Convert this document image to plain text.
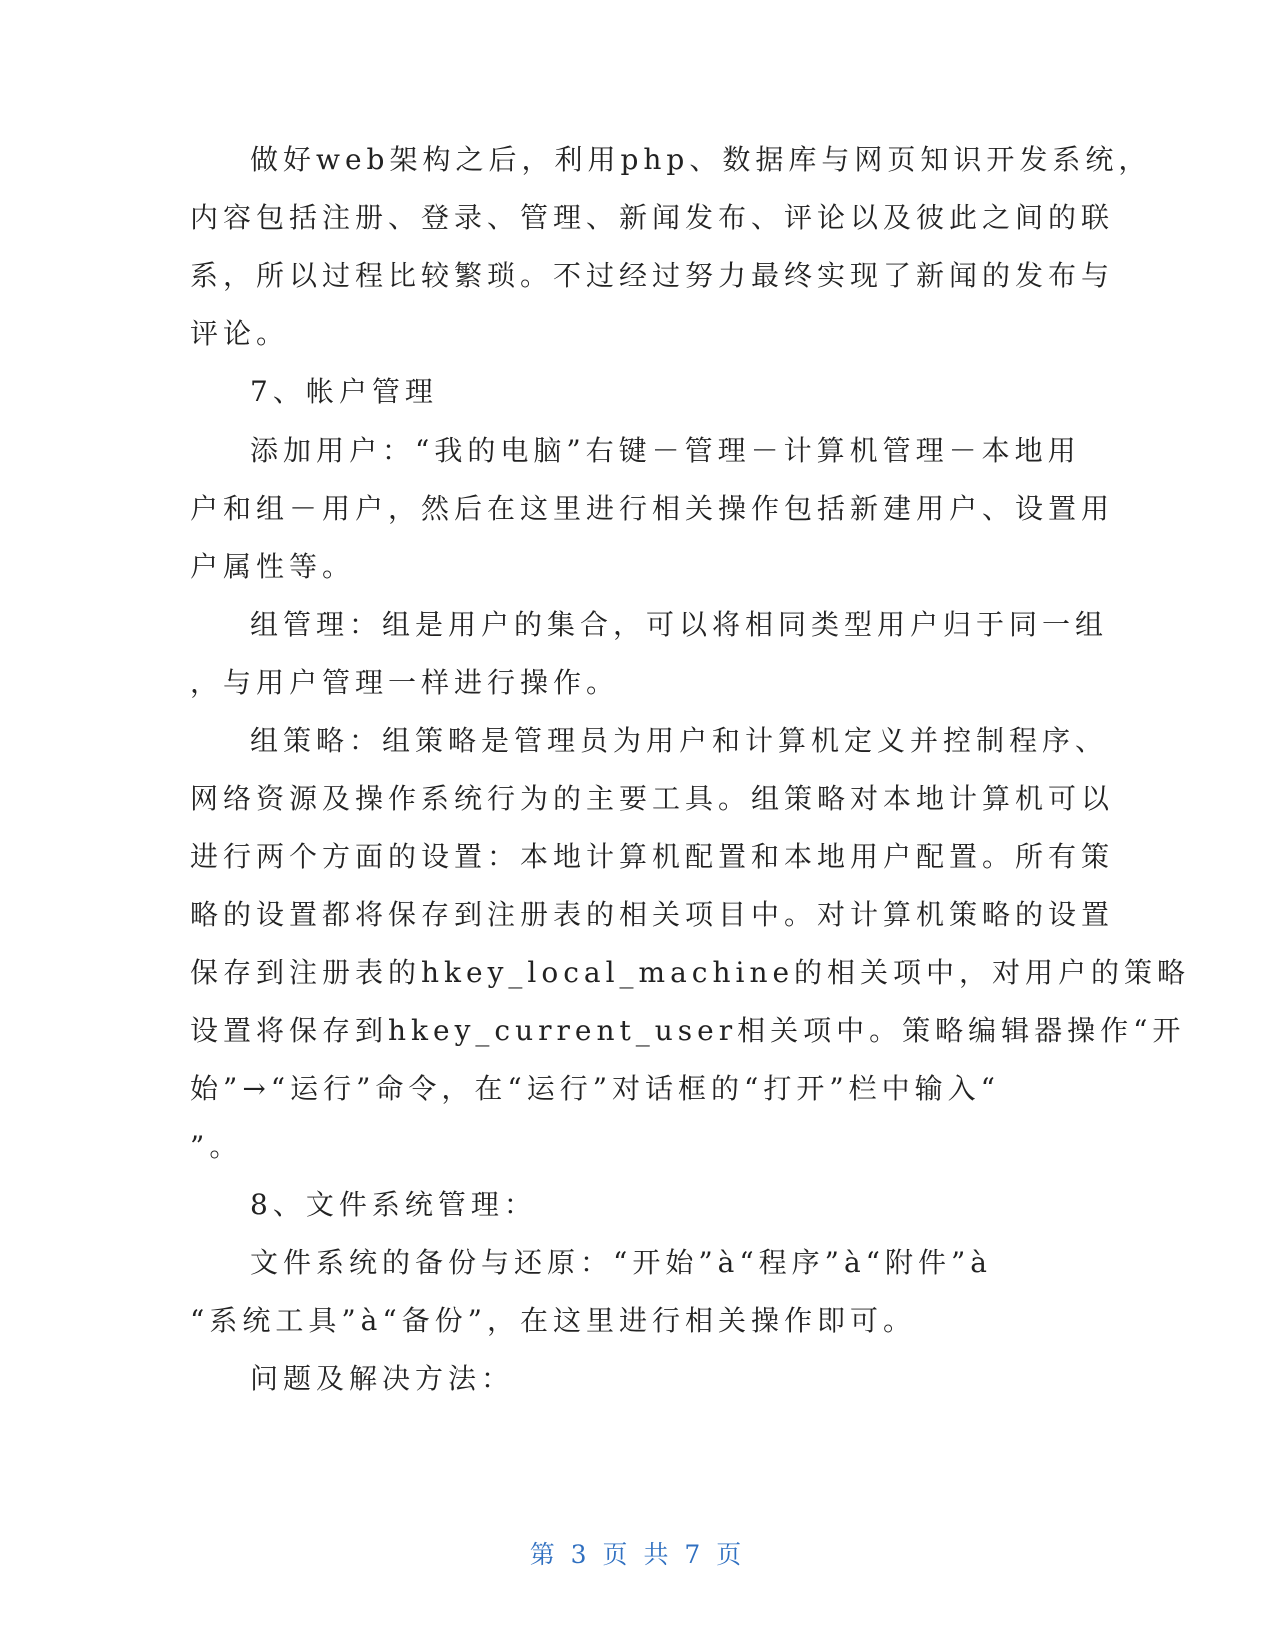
做好web架构之后，利用php、数据库与网页知识开发系统，
内容包括注册、登录、管理、新闻发布、评论以及彼此之间的联
系，所以过程比较繁琐。不过经过努力最终实现了新闻的发布与
评论。
7、帐户管理
添加用户：“我的电脑”右键－管理－计算机管理－本地用
户和组－用户，然后在这里进行相关操作包括新建用户、设置用
户属性等。
组管理：组是用户的集合，可以将相同类型用户归于同一组
，与用户管理一样进行操作。
组策略：组策略是管理员为用户和计算机定义并控制程序、
网络资源及操作系统行为的主要工具。组策略对本地计算机可以
进行两个方面的设置：本地计算机配置和本地用户配置。所有策
略的设置都将保存到注册表的相关项目中。对计算机策略的设置
保存到注册表的hkey_local_machine的相关项中，对用户的策略
设置将保存到hkey_current_user相关项中。策略编辑器操作“开
始”→“运行”命令，在“运行”对话框的“打开”栏中输入“
”。
8、文件系统管理：
文件系统的备份与还原：“开始”à“程序”à“附件”à
“系统工具”à“备份”，在这里进行相关操作即可。
问题及解决方法：
第 3 页 共 7 页
